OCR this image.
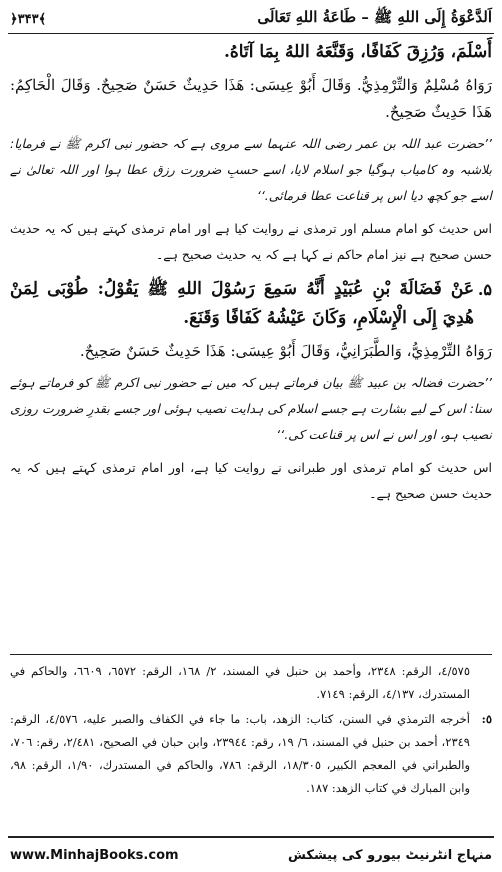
اَلدَّعْوَةُ إِلَى اللهِ ﷺ – طَاعَةُ اللهِ تَعَالَى
﴿۳۴۳﴾

أَسْلَمَ، وَرُزِقَ كَفَافًا، وَقَنَّعَهُ اللهُ بِمَا آتَاهُ.

رَوَاهُ مُسْلِمٌ وَالتِّرْمِذِيُّ. وَقَالَ أَبُوْ عِيسَى: هَذَا حَدِيثٌ حَسَنٌ صَحِيحٌ. وَقَالَ الْحَاكِمُ: هَذَا حَدِيثٌ صَحِيحٌ.

’’حضرت عبد اللہ بن عمر رضی اللہ عنہما سے مروی ہے کہ حضور نبی اکرم ﷺ نے فرمایا: بلاشبہ وہ کامیاب ہوگیا جو اسلام لایا، اسے حسبِ ضرورت رزق عطا ہوا اور اللہ تعالیٰ نے اسے جو کچھ دیا اس پر قناعت عطا فرمائی.‘‘

اس حدیث کو امام مسلم اور ترمذی نے روایت کیا ہے اور امام ترمذی کہتے ہیں کہ یہ حدیث حسن صحیح ہے نیز امام حاکم نے کہا ہے کہ یہ حدیث صحیح ہے۔

۵.

عَنْ فَضَالَةَ بْنِ عُبَيْدٍ أَنَّهُ سَمِعَ رَسُوْلَ اللهِ ﷺ يَقُوْلُ: طُوْبَى لِمَنْ هُدِيَ إِلَى الْإِسْلَامِ، وَكَانَ عَيْشُهُ كَفَافًا وَقَنَعَ.

رَوَاهُ التِّرْمِذِيُّ، وَالطَّبَرَانِيُّ، وَقَالَ أَبُوْ عِيسَى: هَذَا حَدِيثٌ حَسَنٌ صَحِيحٌ.

’’حضرت فضالہ بن عبید ﷺ بیان فرماتے ہیں کہ میں نے حضور نبی اکرم ﷺ کو فرماتے ہوئے سنا: اس کے لیے بشارت ہے جسے اسلام کی ہدایت نصیب ہوئی اور جسے بقدرِ ضرورت روزی نصیب ہو، اور اس نے اس پر قناعت کی.‘‘

اس حدیث کو امام ترمذی اور طبرانی نے روایت کیا ہے، اور امام ترمذی کہتے ہیں کہ یہ حدیث حسن صحیح ہے۔

٤/٥٧٥، الرقم: ٢٣٤٨، وأحمد بن حنبل في المسند، ٢/ ١٦٨، الرقم: ٦٥٧٢، ٦٦٠٩، والحاكم في المستدرك، ٤/١٣٧، الرقم: ٧١٤٩.
٥:
أخرجه الترمذي في السنن، كتاب: الزهد، باب: ما جاء في الكفاف والصبر عليه، ٤/٥٧٦، الرقم: ٢٣٤٩، أحمد بن حنبل في المسند، ٦/ ١٩، رقم: ٢٣٩٤٤، وابن حبان في الصحيح، ٢/٤٨١، رقم: ٧٠٦، والطبراني في المعجم الكبير، ١٨/٣٠٥، الرقم: ٧٨٦، والحاكم في المستدرك، ١/٩٠، الرقم: ٩٨، وابن المبارك في كتاب الزهد: ١٨٧.
www.MinhajBooks.com	منہاج انٹرنیٹ بیورو کی پیشکش
